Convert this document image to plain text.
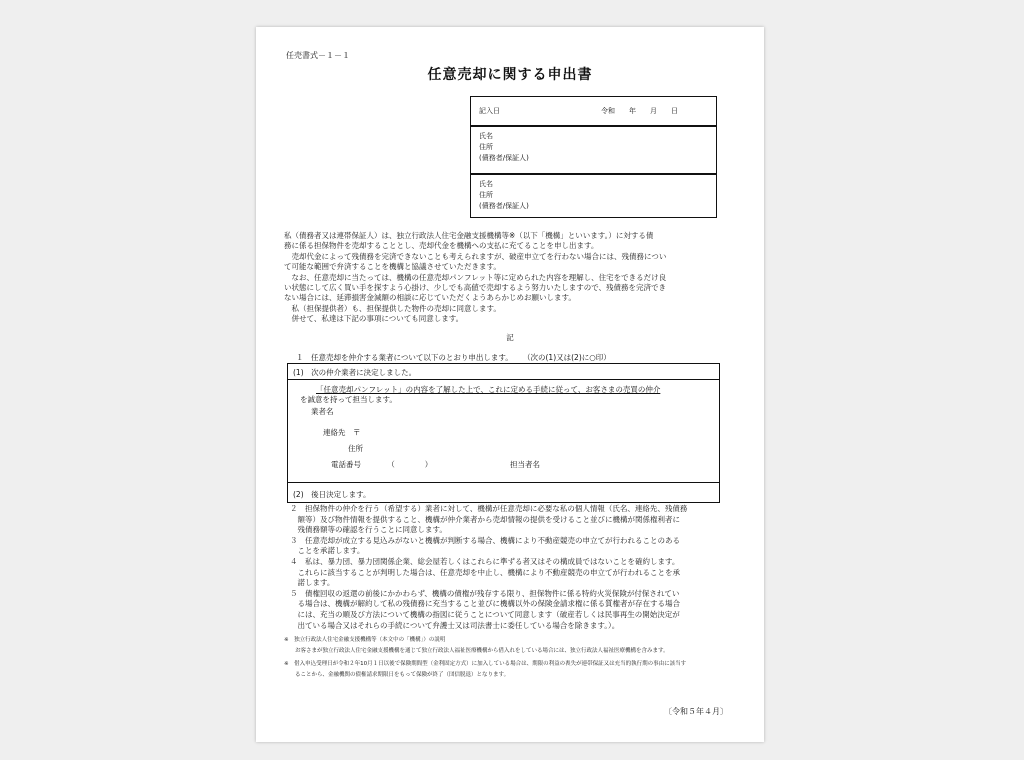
任売書式－１－１
任意売却に関する申出書
記入日	令和　　年　　月　　日
氏名
住所
(債務者/保証人)
氏名
住所
(債務者/保証人)

私（債務者又は連帯保証人）は、独立行政法人住宅金融支援機構等※（以下「機構」といいます。）に対する債

務に係る担保物件を売却することとし、売却代金を機構への支払に充てることを申し出ます。

　売却代金によって残債務を完済できないことも考えられますが、破産申立てを行わない場合には、残債務につい

て可能な範囲で弁済することを機構と協議させていただきます。

　なお、任意売却に当たっては、機構の任意売却パンフレット等に定められた内容を理解し、住宅をできるだけ良

い状態にして広く買い手を探すよう心掛け、少しでも高値で売却するよう努力いたしますので、残債務を完済でき

ない場合には、延滞損害金減額の相談に応じていただくようあらかじめお願いします。

　私（担保提供者）も、担保提供した物件の売却に同意します。

　併せて、私達は下記の事項についても同意します。

記
１　任意売却を仲介する業者について以下のとおり申出します。 （次の(1)又は(2)に○印）
(1)　次の仲介業者に決定しました。
「任意売却パンフレット」の内容を了解した上で、これに定める手続に従って、お客さまの売買の仲介
を誠意を持って担当します。
業者名
連絡先　〒
住所
電話番号　　　　（　　　　）	担当者名
(2)　後日決定します。

２　担保物件の仲介を行う（希望する）業者に対して、機構が任意売却に必要な私の個人情報（氏名、連絡先、残債務

　額等）及び物件情報を提供すること、機構が仲介業者から売却情報の提供を受けること並びに機構が関係権利者に

　残債務額等の確認を行うことに同意します。

３　任意売却が成立する見込みがないと機構が判断する場合、機構により不動産競売の申立てが行われることのある

　ことを承諾します。

４　私は、暴力団、暴力団関係企業、総会屋若しくはこれらに準ずる者又はその構成員ではないことを確約します。

　これらに該当することが判明した場合は、任意売却を中止し、機構により不動産競売の申立てが行われることを承

　諾します。

５　債権回収の返還の前後にかかわらず、機構の債権が残存する限り、担保物件に係る特約火災保険が付保されてい

　る場合は、機構が解約して私の残債務に充当すること並びに機構以外の保険金請求権に係る質権者が存在する場合

　には、充当の順及び方法について機構の指図に従うことについて同意します（破産若しくは民事再生の開始決定が

　出ている場合又はそれらの手続について弁護士又は司法書士に委任している場合を除きます。）。

※　独立行政法人住宅金融支援機構等（本文中の「機構」）の説明
　　お客さまが独立行政法人住宅金融支援機構を通じて独立行政法人福祉医療機構から借入れをしている場合には、独立行政法人福祉医療機構を含みます。
※　借入申込受理日が令和２年10月１日以後で保険期間型（金利固定方式）に加入している場合は、期限の利益の喪失が連帯保証又は充当的執行期の事由に該当す
　　ることから、金融機関の債権請求期限日をもって保険が終了（団信脱退）となります。
〔令和５年４月〕
